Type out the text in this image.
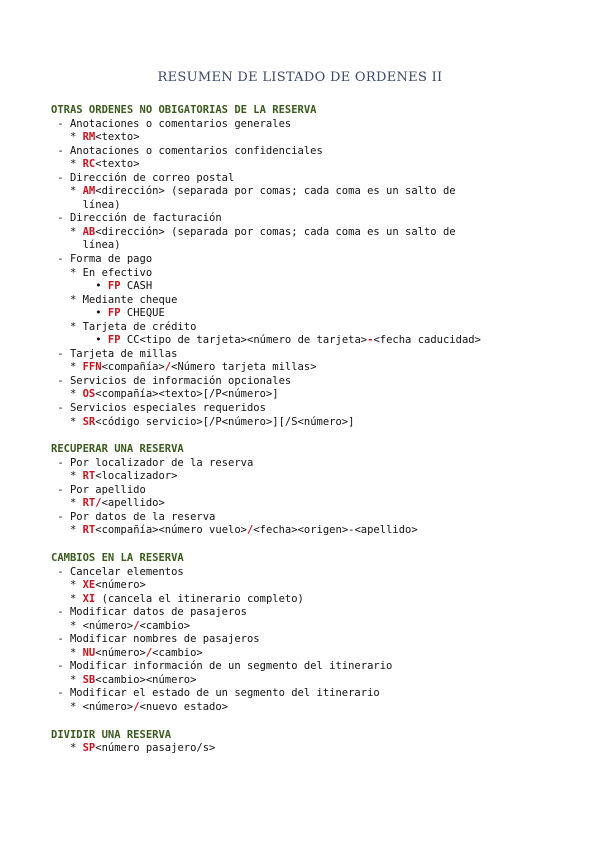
RESUMEN DE LISTADO DE ORDENES II
OTRAS ORDENES NO OBIGATORIAS DE LA RESERVA
- Anotaciones o comentarios generales
* RM<texto>
- Anotaciones o comentarios confidenciales
* RC<texto>
- Dirección de correo postal
* AM<dirección> (separada por comas; cada coma es un salto de
línea)
- Dirección de facturación
* AB<dirección> (separada por comas; cada coma es un salto de
línea)
- Forma de pago
* En efectivo
• FP CASH
* Mediante cheque
• FP CHEQUE
* Tarjeta de crédito
• FP CC<tipo de tarjeta><número de tarjeta>-<fecha caducidad>
- Tarjeta de millas
* FFN<compañía>/<Número tarjeta millas>
- Servicios de información opcionales
* OS<compañía><texto>[/P<número>]
- Servicios especiales requeridos
* SR<código servicio>[/P<número>][/S<número>]
RECUPERAR UNA RESERVA
- Por localizador de la reserva
* RT<localizador>
- Por apellido
* RT/<apellido>
- Por datos de la reserva
* RT<compañía><número vuelo>/<fecha><origen>-<apellido>
CAMBIOS EN LA RESERVA
- Cancelar elementos
* XE<número>
* XI (cancela el itinerario completo)
- Modificar datos de pasajeros
* <número>/<cambio>
- Modificar nombres de pasajeros
* NU<número>/<cambio>
- Modificar información de un segmento del itinerario
* SB<cambio><número>
- Modificar el estado de un segmento del itinerario
* <número>/<nuevo estado>
DIVIDIR UNA RESERVA
* SP<número pasajero/s>
